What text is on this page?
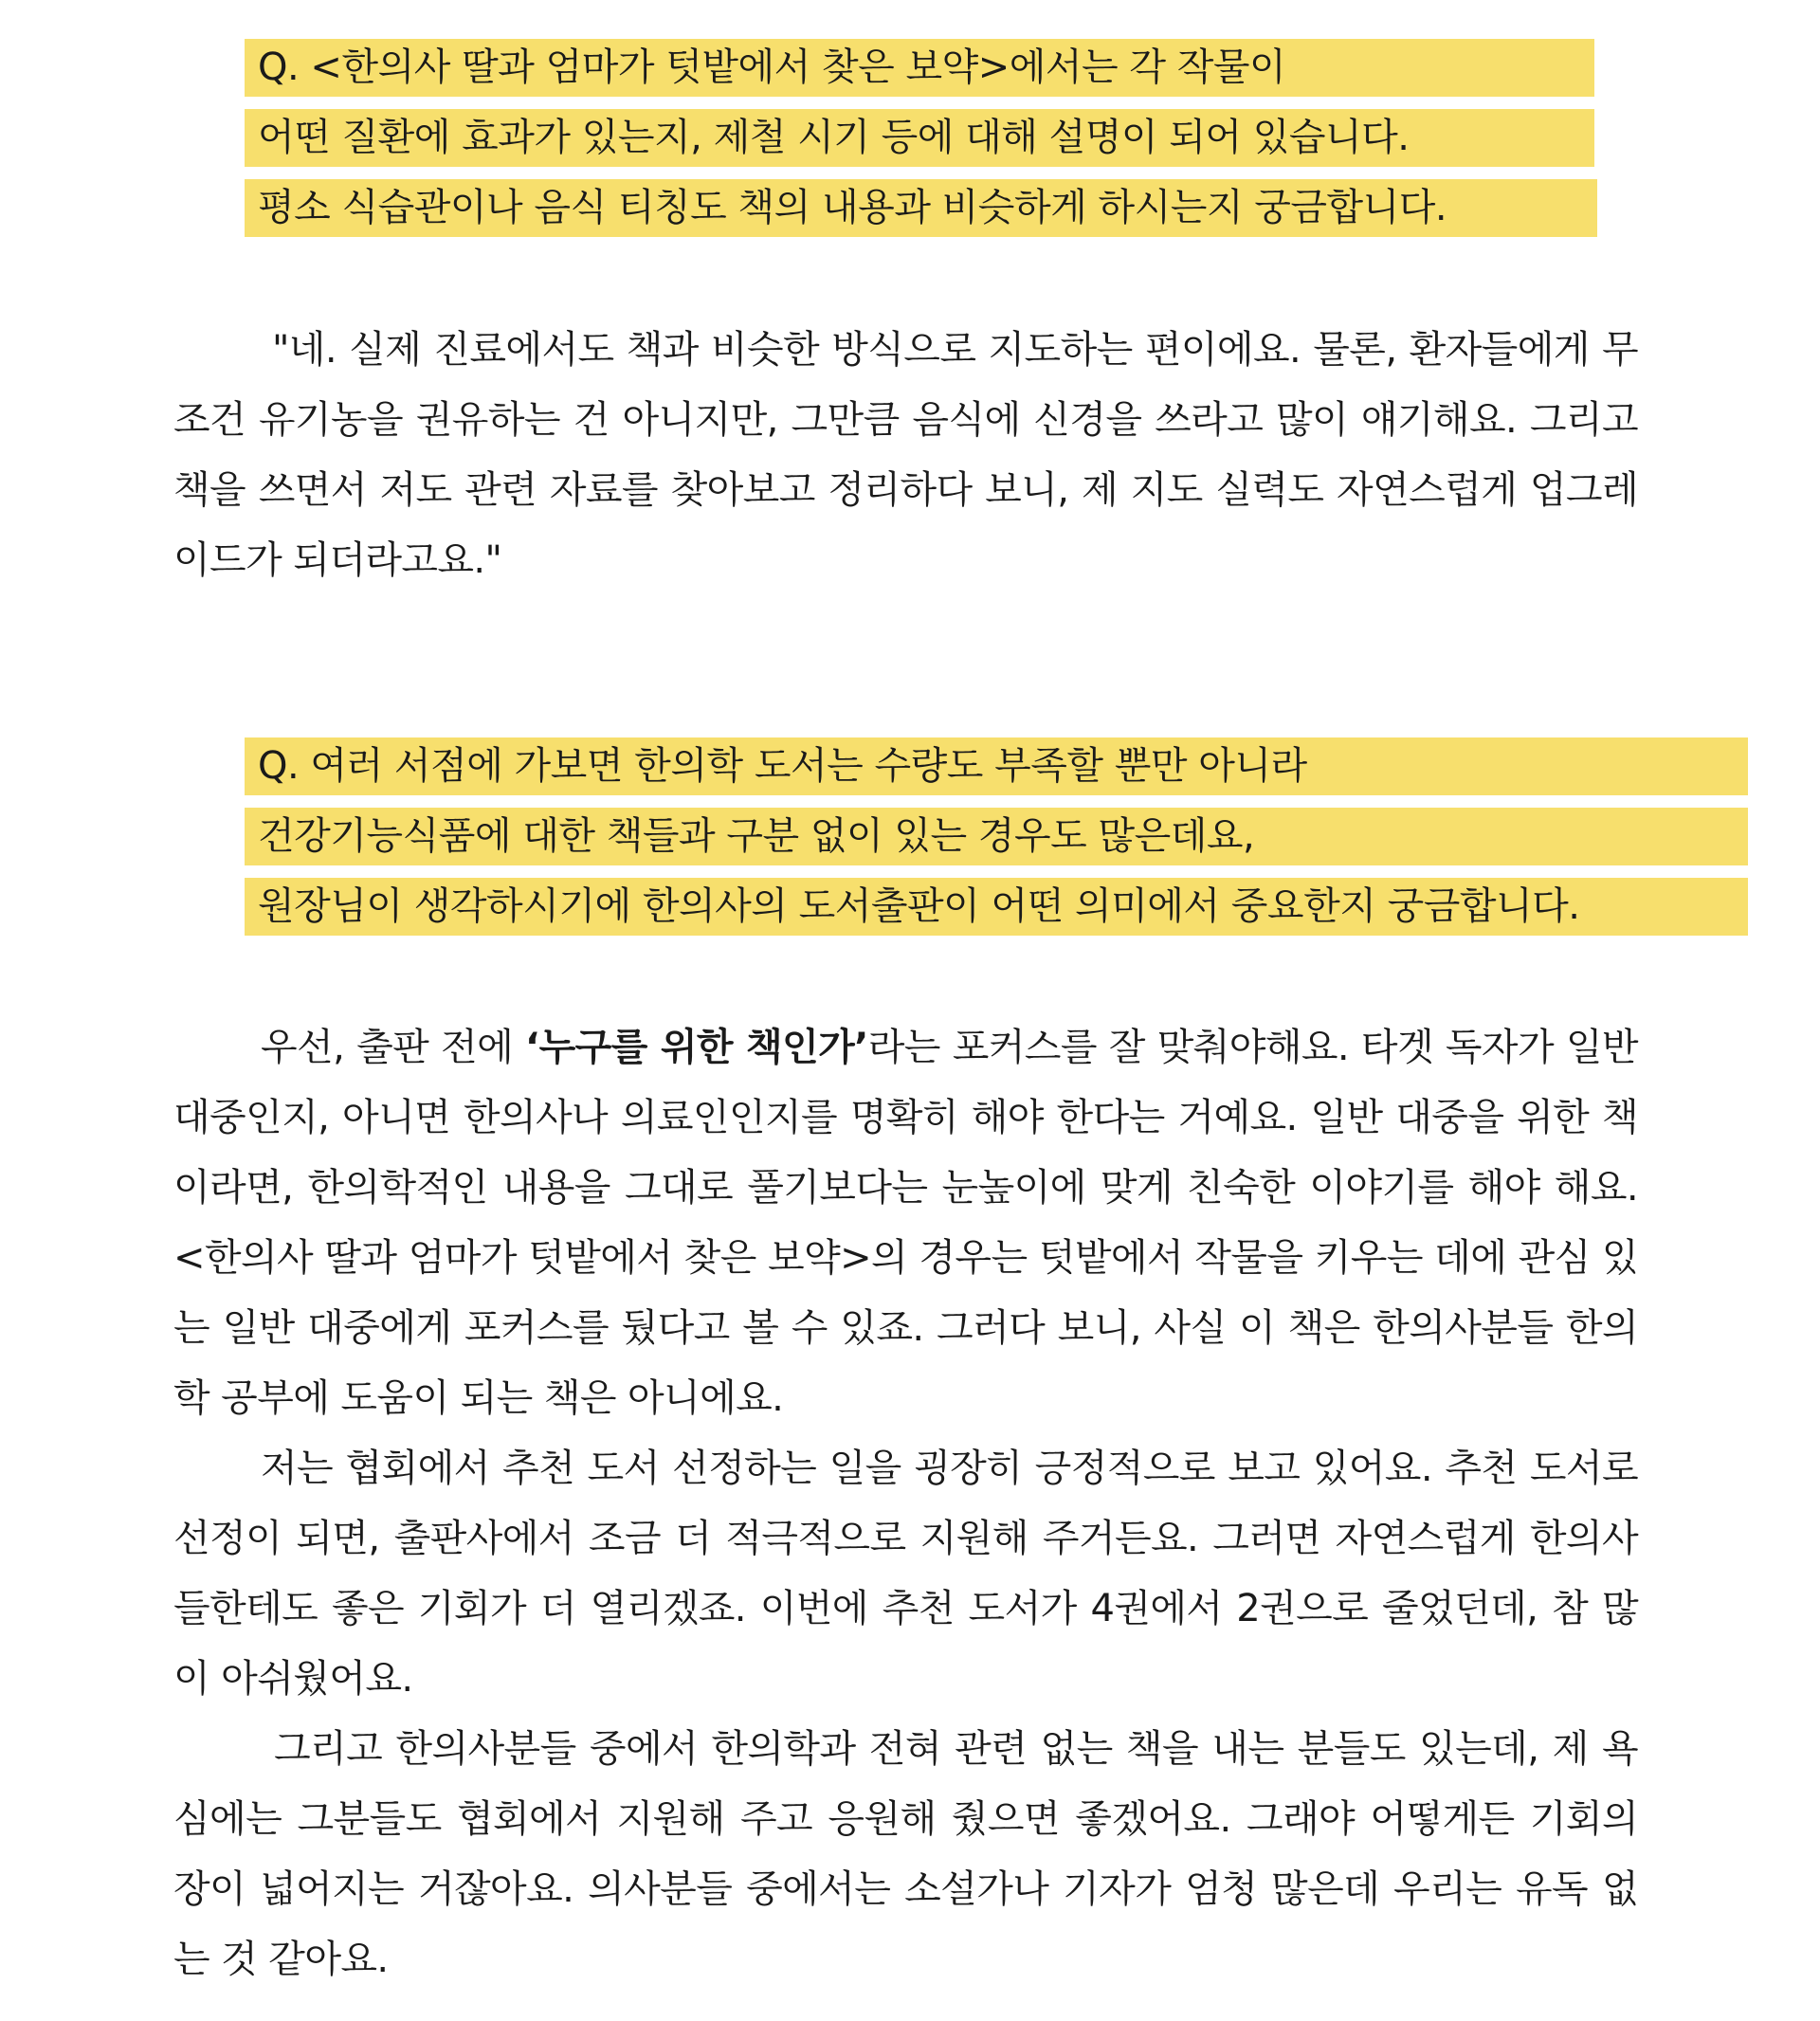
Q. <한의사 딸과 엄마가 텃밭에서 찾은 보약>에서는 각 작물이
어떤 질환에 효과가 있는지, 제철 시기 등에 대해 설명이 되어 있습니다.
평소 식습관이나 음식 티칭도 책의 내용과 비슷하게 하시는지 궁금합니다.

"네. 실제 진료에서도 책과 비슷한 방식으로 지도하는 편이에요. 물론, 환자들에게 무조건 유기농을 권유하는 건 아니지만, 그만큼 음식에 신경을 쓰라고 많이 얘기해요. 그리고 책을 쓰면서 저도 관련 자료를 찾아보고 정리하다 보니, 제 지도 실력도 자연스럽게 업그레이드가 되더라고요."

Q. 여러 서점에 가보면 한의학 도서는 수량도 부족할 뿐만 아니라
건강기능식품에 대한 책들과 구분 없이 있는 경우도 많은데요,
원장님이 생각하시기에 한의사의 도서출판이 어떤 의미에서 중요한지 궁금합니다.

우선, 출판 전에 ‘누구를 위한 책인가’라는 포커스를 잘 맞춰야해요. 타겟 독자가 일반 대중인지, 아니면 한의사나 의료인인지를 명확히 해야 한다는 거예요. 일반 대중을 위한 책이라면, 한의학적인 내용을 그대로 풀기보다는 눈높이에 맞게 친숙한 이야기를 해야 해요. <한의사 딸과 엄마가 텃밭에서 찾은 보약>의 경우는 텃밭에서 작물을 키우는 데에 관심 있는 일반 대중에게 포커스를 뒀다고 볼 수 있죠. 그러다 보니, 사실 이 책은 한의사분들 한의학 공부에 도움이 되는 책은 아니에요.

저는 협회에서 추천 도서 선정하는 일을 굉장히 긍정적으로 보고 있어요. 추천 도서로 선정이 되면, 출판사에서 조금 더 적극적으로 지원해 주거든요. 그러면 자연스럽게 한의사들한테도 좋은 기회가 더 열리겠죠. 이번에 추천 도서가 4권에서 2권으로 줄었던데, 참 많이 아쉬웠어요.

그리고 한의사분들 중에서 한의학과 전혀 관련 없는 책을 내는 분들도 있는데, 제 욕심에는 그분들도 협회에서 지원해 주고 응원해 줬으면 좋겠어요. 그래야 어떻게든 기회의 장이 넓어지는 거잖아요. 의사분들 중에서는 소설가나 기자가 엄청 많은데 우리는 유독 없는 것 같아요.
